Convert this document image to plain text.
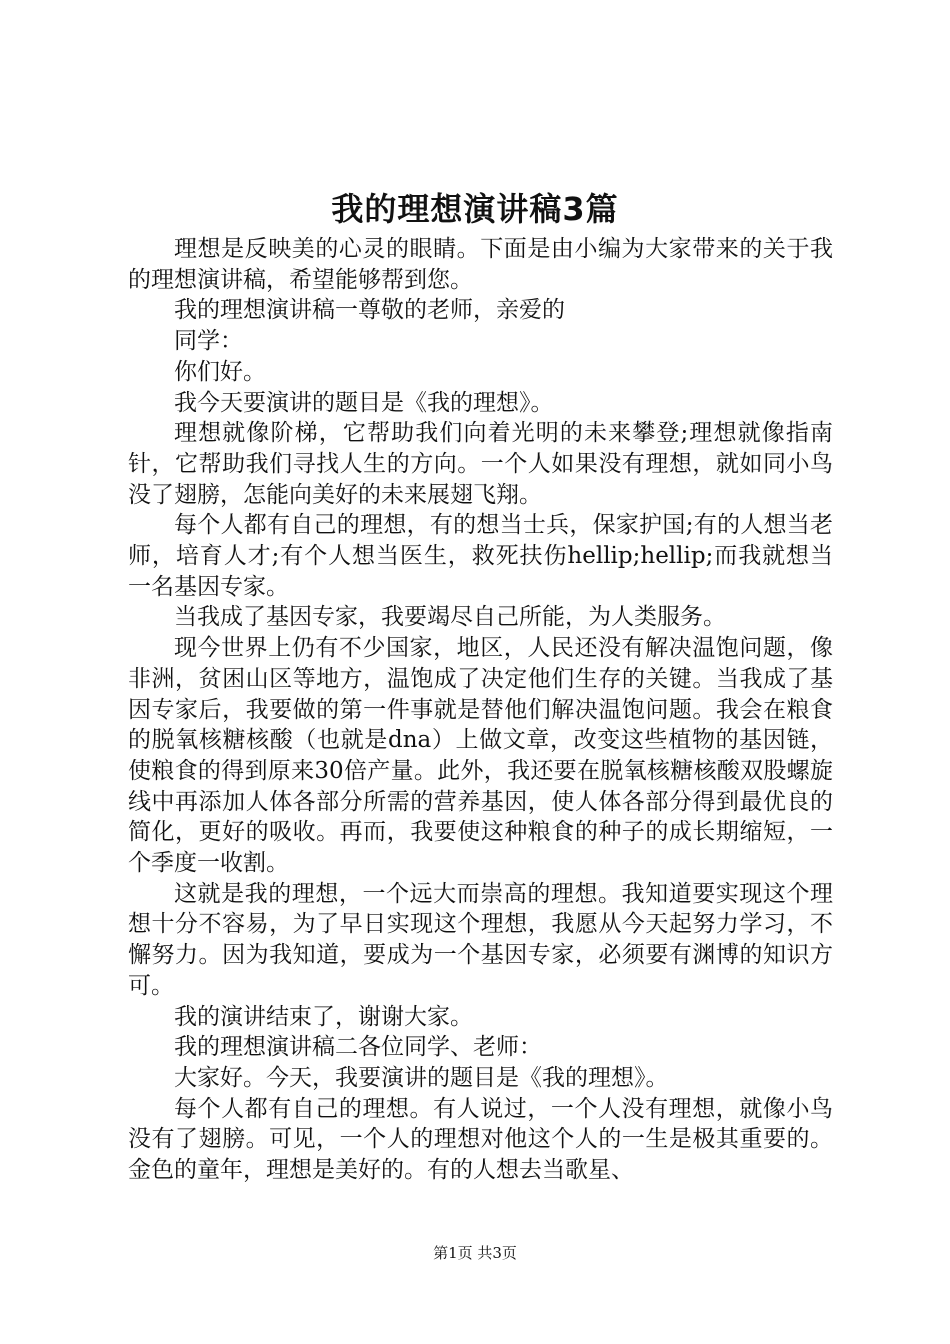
我的理想演讲稿3篇

理想是反映美的心灵的眼睛。下面是由小编为大家带来的关于我的理想演讲稿，希望能够帮到您。

我的理想演讲稿一尊敬的老师，亲爱的

同学：

你们好。

我今天要演讲的题目是《我的理想》。

理想就像阶梯，它帮助我们向着光明的未来攀登;理想就像指南针，它帮助我们寻找人生的方向。一个人如果没有理想，就如同小鸟没了翅膀，怎能向美好的未来展翅飞翔。

每个人都有自己的理想，有的想当士兵，保家护国;有的人想当老师，培育人才;有个人想当医生，救死扶伤hellip;hellip;而我就想当一名基因专家。

当我成了基因专家，我要竭尽自己所能，为人类服务。

现今世界上仍有不少国家，地区，人民还没有解决温饱问题，像非洲，贫困山区等地方，温饱成了决定他们生存的关键。当我成了基因专家后，我要做的第一件事就是替他们解决温饱问题。我会在粮食的脱氧核糖核酸（也就是dna）上做文章，改变这些植物的基因链，使粮食的得到原来30倍产量。此外，我还要在脱氧核糖核酸双股螺旋线中再添加人体各部分所需的营养基因，使人体各部分得到最优良的简化，更好的吸收。再而，我要使这种粮食的种子的成长期缩短，一个季度一收割。

这就是我的理想，一个远大而崇高的理想。我知道要实现这个理想十分不容易，为了早日实现这个理想，我愿从今天起努力学习，不懈努力。因为我知道，要成为一个基因专家，必须要有渊博的知识方可。

我的演讲结束了，谢谢大家。

我的理想演讲稿二各位同学、老师：

大家好。今天，我要演讲的题目是《我的理想》。

每个人都有自己的理想。有人说过，一个人没有理想，就像小鸟没有了翅膀。可见，一个人的理想对他这个人的一生是极其重要的。金色的童年，理想是美好的。有的人想去当歌星、

第1页 共3页
